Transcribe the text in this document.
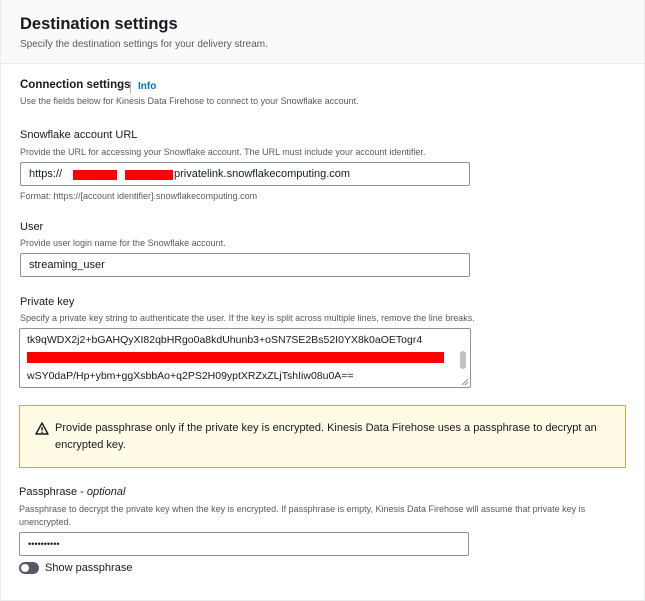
Destination settings
Specify the destination settings for your delivery stream.
Connection settings Info
Use the fields below for Kinesis Data Firehose to connect to your Snowflake account.
Snowflake account URL
Provide the URL for accessing your Snowflake account. The URL must include your account identifier.
https://	privatelink.snowflakecomputing.com
Format: https://[account identifier].snowflakecomputing.com
User
Provide user login name for the Snowflake account.
streaming_user
Private key
Specify a private key string to authenticate the user. If the key is split across multiple lines, remove the line breaks.
tk9qWDX2j2+bGAHQyXI82qbHRgo0a8kdUhunb3+oSN7SE2Bs52I0YX8k0aOETogr4
wSY0daP/Hp+ybm+ggXsbbAo+q2PS2H09yptXRZxZLjTshIiw08u0A==
Provide passphrase only if the private key is encrypted. Kinesis Data Firehose uses a passphrase to decrypt an encrypted key.
Passphrase - optional
Passphrase to decrypt the private key when the key is encrypted. If passphrase is empty, Kinesis Data Firehose will assume that private key is unencrypted.
••••••••••
Show passphrase
